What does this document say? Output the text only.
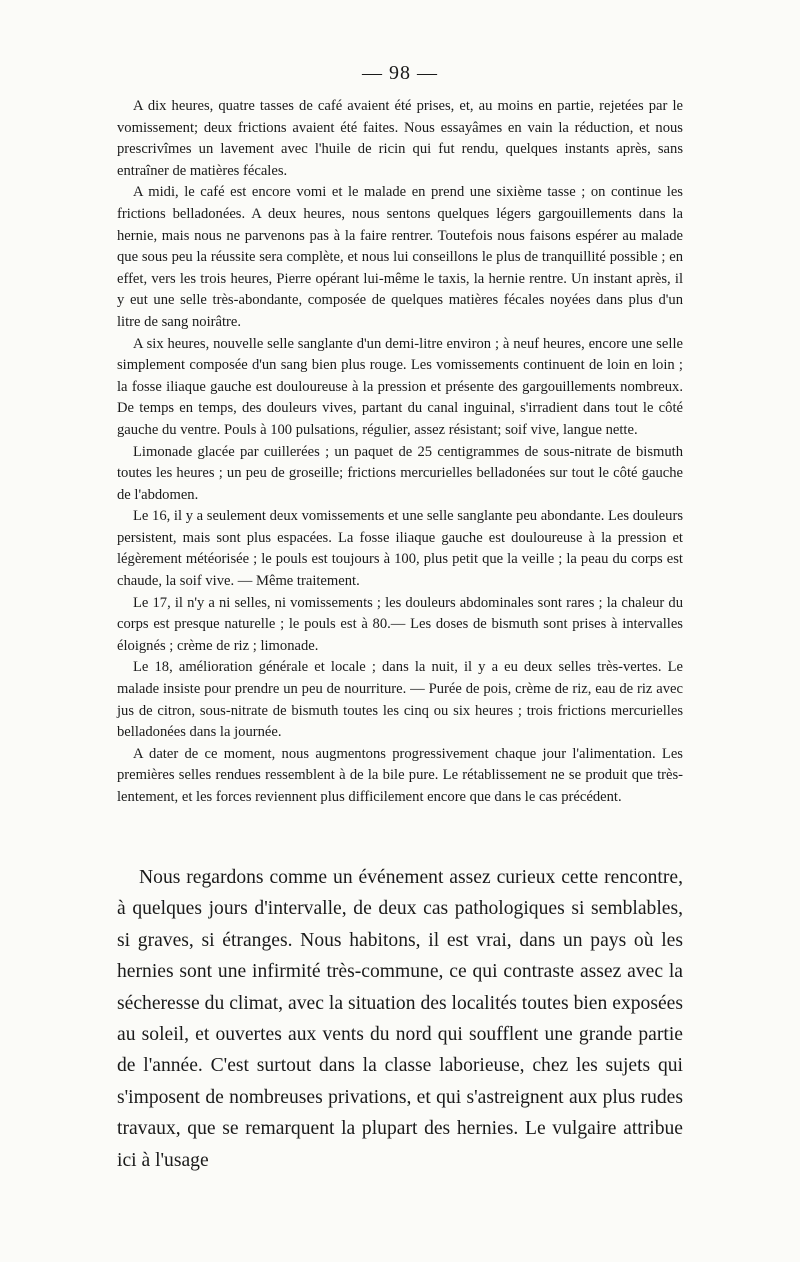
— 98 —

A dix heures, quatre tasses de café avaient été prises, et, au moins en partie, rejetées par le vomissement; deux frictions avaient été faites. Nous essayâmes en vain la réduction, et nous prescrivîmes un lavement avec l'huile de ricin qui fut rendu, quelques instants après, sans entraîner de matières fécales.

A midi, le café est encore vomi et le malade en prend une sixième tasse ; on continue les frictions belladonées. A deux heures, nous sentons quelques légers gargouillements dans la hernie, mais nous ne parvenons pas à la faire rentrer. Toutefois nous faisons espérer au malade que sous peu la réussite sera complète, et nous lui conseillons le plus de tranquillité possible ; en effet, vers les trois heures, Pierre opérant lui-même le taxis, la hernie rentre. Un instant après, il y eut une selle très-abondante, composée de quelques matières fécales noyées dans plus d'un litre de sang noirâtre.

A six heures, nouvelle selle sanglante d'un demi-litre environ ; à neuf heures, encore une selle simplement composée d'un sang bien plus rouge. Les vomissements continuent de loin en loin ; la fosse iliaque gauche est douloureuse à la pression et présente des gargouillements nombreux. De temps en temps, des douleurs vives, partant du canal inguinal, s'irradient dans tout le côté gauche du ventre. Pouls à 100 pulsations, régulier, assez résistant; soif vive, langue nette.

Limonade glacée par cuillerées ; un paquet de 25 centigrammes de sous-nitrate de bismuth toutes les heures ; un peu de groseille; frictions mercurielles belladonées sur tout le côté gauche de l'abdomen.

Le 16, il y a seulement deux vomissements et une selle sanglante peu abondante. Les douleurs persistent, mais sont plus espacées. La fosse iliaque gauche est douloureuse à la pression et légèrement météorisée ; le pouls est toujours à 100, plus petit que la veille ; la peau du corps est chaude, la soif vive. — Même traitement.

Le 17, il n'y a ni selles, ni vomissements ; les douleurs abdominales sont rares ; la chaleur du corps est presque naturelle ; le pouls est à 80.— Les doses de bismuth sont prises à intervalles éloignés ; crème de riz ; limonade.

Le 18, amélioration générale et locale ; dans la nuit, il y a eu deux selles très-vertes. Le malade insiste pour prendre un peu de nourriture. — Purée de pois, crème de riz, eau de riz avec jus de citron, sous-nitrate de bismuth toutes les cinq ou six heures ; trois frictions mercurielles belladonées dans la journée.

A dater de ce moment, nous augmentons progressivement chaque jour l'alimentation. Les premières selles rendues ressemblent à de la bile pure. Le rétablissement ne se produit que très-lentement, et les forces reviennent plus difficilement encore que dans le cas précédent.

Nous regardons comme un événement assez curieux cette rencontre, à quelques jours d'intervalle, de deux cas pathologiques si semblables, si graves, si étranges. Nous habitons, il est vrai, dans un pays où les hernies sont une infirmité très-commune, ce qui contraste assez avec la sécheresse du climat, avec la situation des localités toutes bien exposées au soleil, et ouvertes aux vents du nord qui soufflent une grande partie de l'année. C'est surtout dans la classe laborieuse, chez les sujets qui s'imposent de nombreuses privations, et qui s'astreignent aux plus rudes travaux, que se remarquent la plupart des hernies. Le vulgaire attribue ici à l'usage
